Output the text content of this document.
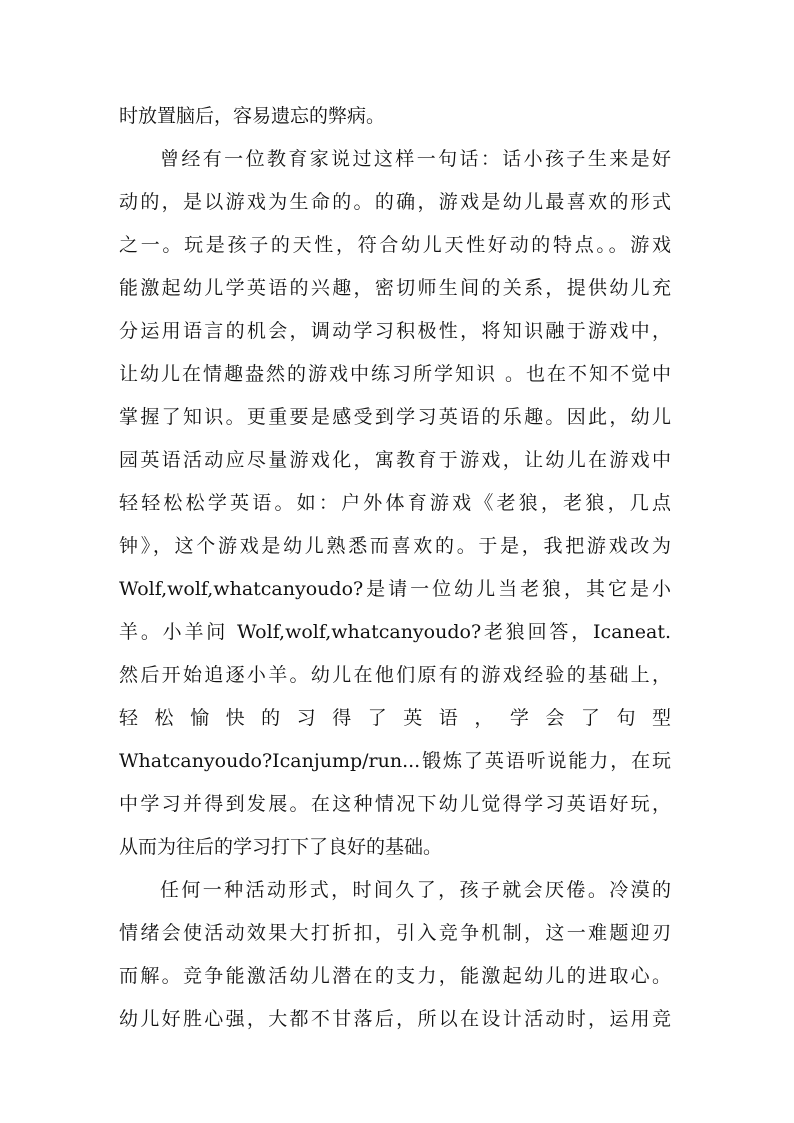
时放置脑后，容易遗忘的弊病。
曾经有一位教育家说过这样一句话：话小孩子生来是好
动的，是以游戏为生命的。的确，游戏是幼儿最喜欢的形式
之一。玩是孩子的天性，符合幼儿天性好动的特点。。游戏
能激起幼儿学英语的兴趣，密切师生间的关系，提供幼儿充
分运用语言的机会，调动学习积极性，将知识融于游戏中，
让幼儿在情趣盎然的游戏中练习所学知识 。也在不知不觉中
掌握了知识。更重要是感受到学习英语的乐趣。因此，幼儿
园英语活动应尽量游戏化，寓教育于游戏，让幼儿在游戏中
轻轻松松学英语。如：户外体育游戏《老狼，老狼，几点
钟》，这个游戏是幼儿熟悉而喜欢的。于是，我把游戏改为
Wolf,wolf,whatcanyoudo?是请一位幼儿当老狼，其它是小
羊。小羊问 Wolf,wolf,whatcanyoudo?老狼回答，Icaneat.
然后开始追逐小羊。幼儿在他们原有的游戏经验的基础上，
轻 松 愉 快 的 习 得 了 英 语 ， 学 会 了 句 型
Whatcanyoudo?Icanjump/run...锻炼了英语听说能力，在玩
中学习并得到发展。在这种情况下幼儿觉得学习英语好玩，
从而为往后的学习打下了良好的基础。
任何一种活动形式，时间久了，孩子就会厌倦。冷漠的
情绪会使活动效果大打折扣，引入竞争机制，这一难题迎刃
而解。竞争能激活幼儿潜在的支力，能激起幼儿的进取心。
幼儿好胜心强，大都不甘落后，所以在设计活动时，运用竞
